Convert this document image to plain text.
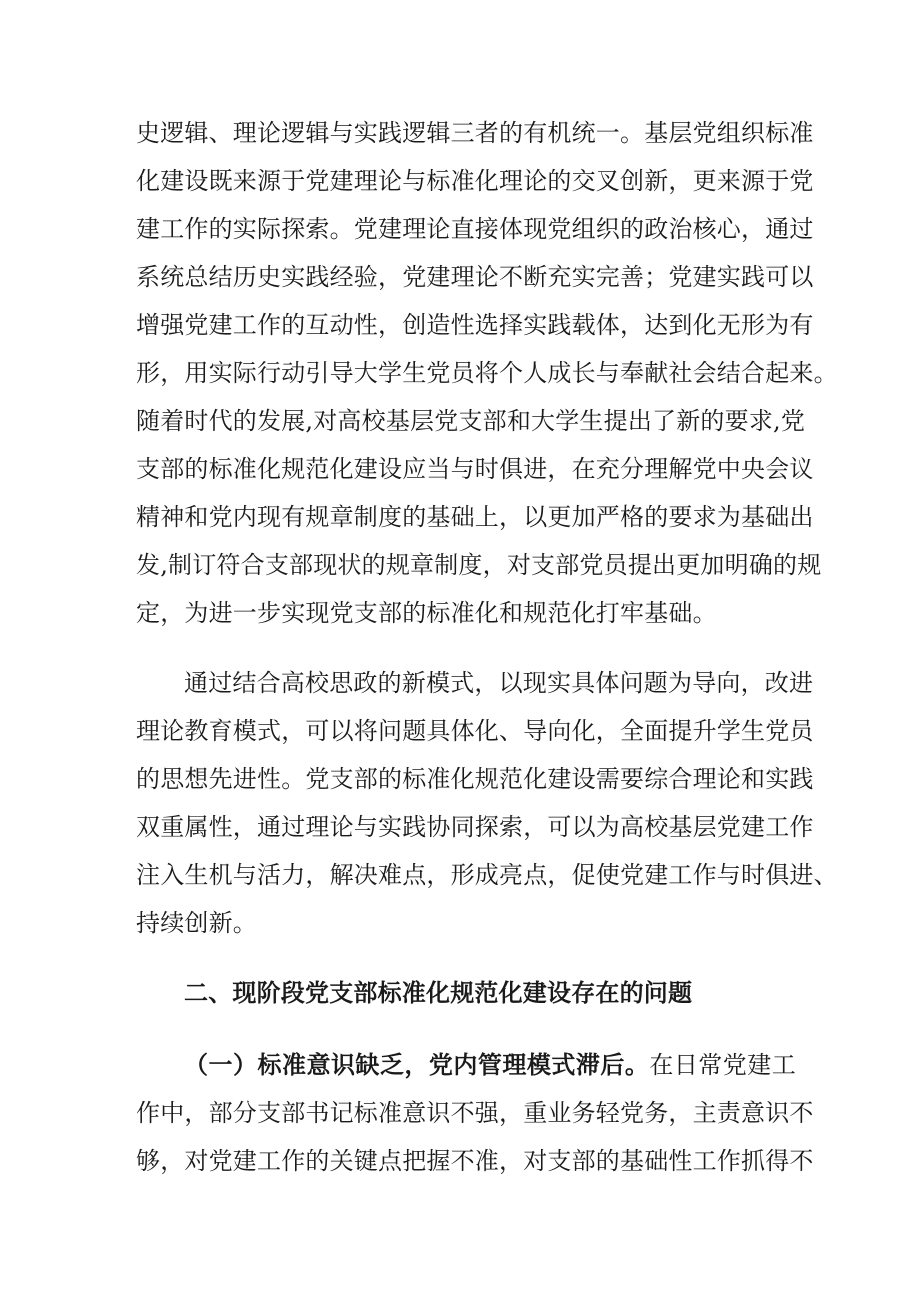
史逻辑、理论逻辑与实践逻辑三者的有机统一。基层党组织标准
化建设既来源于党建理论与标准化理论的交叉创新，更来源于党
建工作的实际探索。党建理论直接体现党组织的政治核心，通过
系统总结历史实践经验，党建理论不断充实完善；党建实践可以
增强党建工作的互动性，创造性选择实践载体，达到化无形为有
形，用实际行动引导大学生党员将个人成长与奉献社会结合起来。
随着时代的发展,对高校基层党支部和大学生提出了新的要求,党
支部的标准化规范化建设应当与时俱进，在充分理解党中央会议
精神和党内现有规章制度的基础上，以更加严格的要求为基础出
发,制订符合支部现状的规章制度，对支部党员提出更加明确的规
定，为进一步实现党支部的标准化和规范化打牢基础。
通过结合高校思政的新模式，以现实具体问题为导向，改进
理论教育模式，可以将问题具体化、导向化，全面提升学生党员
的思想先进性。党支部的标准化规范化建设需要综合理论和实践
双重属性，通过理论与实践协同探索，可以为高校基层党建工作
注入生机与活力，解决难点，形成亮点，促使党建工作与时俱进、
持续创新。
二、现阶段党支部标准化规范化建设存在的问题
（一）标准意识缺乏，党内管理模式滞后。在日常党建工
作中，部分支部书记标准意识不强，重业务轻党务，主责意识不
够，对党建工作的关键点把握不准，对支部的基础性工作抓得不
